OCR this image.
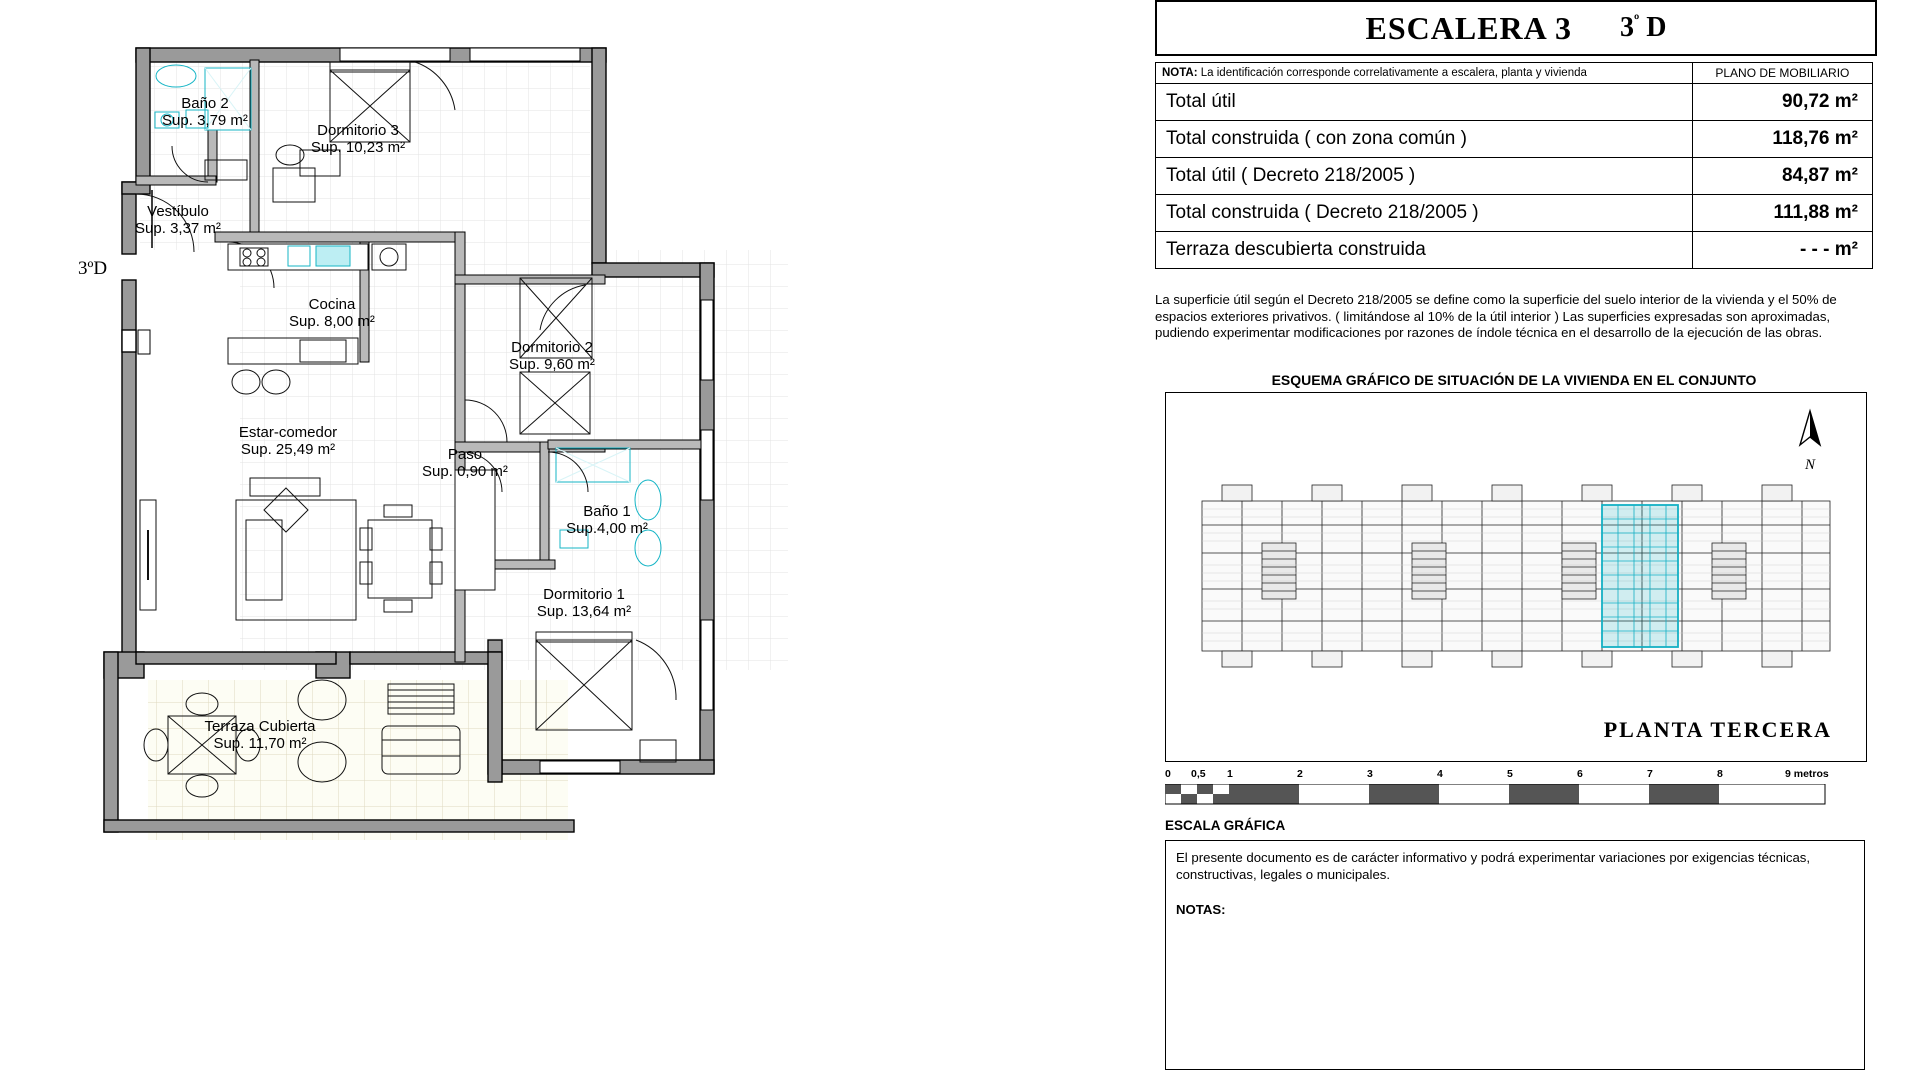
3ºD
Baño 2
Sup. 3,79 m²
Dormitorio 3
Sup. 10,23 m²
Vestíbulo
Sup. 3,37 m²
Cocina
Sup. 8,00 m²
Dormitorio 2
Sup. 9,60 m²
Estar-comedor
Sup. 25,49 m²	Paso
Sup. 0,90 m²
Baño 1
Sup.4,00 m²
Dormitorio 1
Sup. 13,64 m²
Terraza Cubierta
Sup. 11,70 m²
ESCALERA 3 $3^º$ D
NOTA: La identificación corresponde correlativamente a escalera, planta y vivienda	PLANO DE MOBILIARIO
Total útil	90,72 m²
Total construida ( con zona común )	118,76 m²
Total útil ( Decreto 218/2005 )	84,87 m²
Total construida ( Decreto 218/2005 )	111,88 m²
Terraza descubierta construida	- - - m²
La superficie útil según el Decreto 218/2005 se define como la superficie del suelo interior de la vivienda y el 50% de espacios exteriores privativos. ( limitándose al 10% de la útil interior ) Las superficies expresadas son aproximadas, pudiendo experimentar modificaciones por razones de índole técnica en el desarrollo de la ejecución de las obras.
ESQUEMA GRÁFICO DE SITUACIÓN DE LA VIVIENDA EN EL CONJUNTO
N
PLANTA TERCERA
0 0,5 1	2	3	4	5	6	7	8	9 metros
ESCALA GRÁFICA
El presente documento es de carácter informativo y podrá experimentar variaciones por exigencias técnicas, constructivas, legales o municipales.
NOTAS:
